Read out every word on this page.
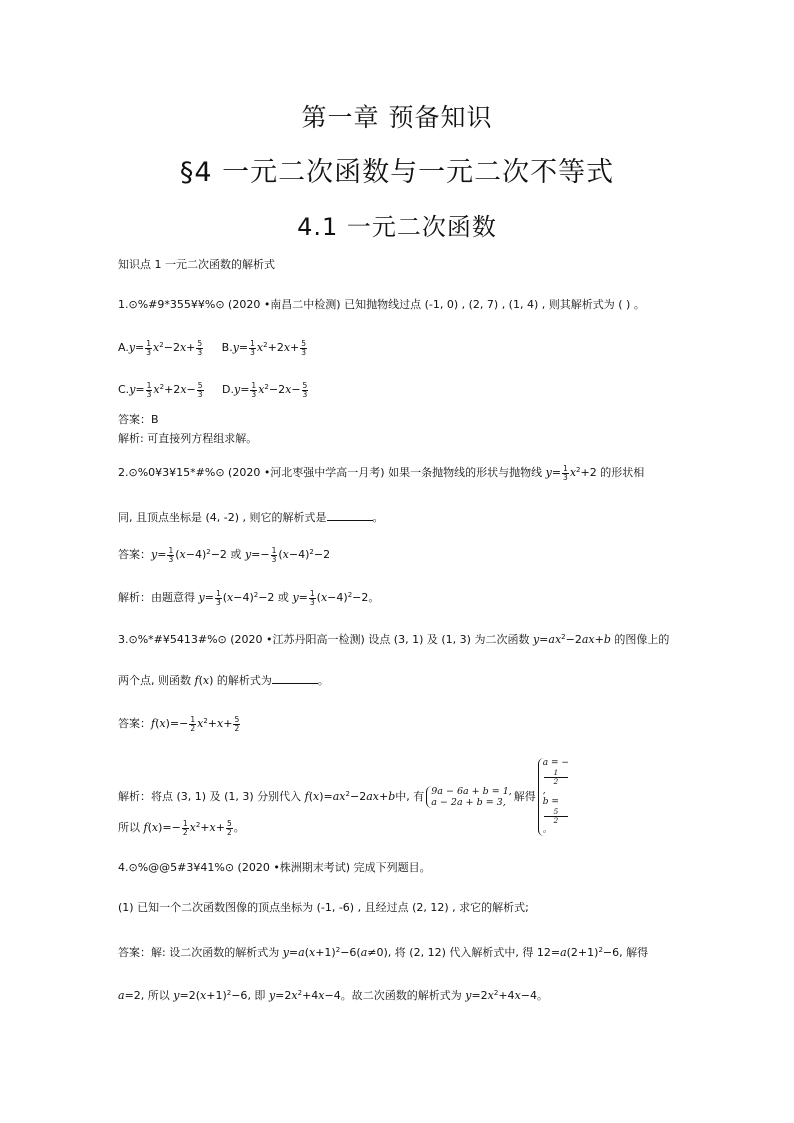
第一章 预备知识
§4 一元二次函数与一元二次不等式
4.1 一元二次函数
知识点 1 一元二次函数的解析式
1.⊙%#9*355¥¥%⊙ (2020 •南昌二中检测) 已知抛物线过点 (-1, 0) , (2, 7) , (1, 4) , 则其解析式为 ( ) 。
$A.y= \frac{1}{3} x^2-2x+ \frac{5}{3} B.y= \frac{1}{3} x^2+2x+ \frac{5}{3}$
$C.y= \frac{1}{3} x^2+2x- \frac{5}{3} D.y= \frac{1}{3} x^2-2x- \frac{5}{3}$
答案：B
解析: 可直接列方程组求解。
2.⊙%0¥3¥15*#%⊙ (2020 •河北枣强中学高一月考) 如果一条抛物线的形状与抛物线 $y= \frac{1}{3} x^2+2$ 的形状相
同, 且顶点坐标是 (4, -2) , 则它的解析式是	。
答案：$y= \frac{1}{3} (x-4)^2-2$ 或 $y=- \frac{1}{3} (x-4)^2-2$
解析：由题意得 $y= \frac{1}{3} (x-4)^2-2$ 或 $y= \frac{1}{3} (x-4)^2-2$。
3.⊙%*#¥5413#%⊙ (2020 •江苏丹阳高一检测) 设点 (3, 1) 及 (1, 3) 为二次函数 $y=ax^2-2ax+b$ 的图像上的
两个点, 则函数 f(x) 的解析式为	。
答案：$f(x)=- \frac{1}{2} x^2+x+ \frac{5}{2}$
解析：将点 (3, 1) 及 (1, 3) 分别代入 $f(x)=ax^2-2ax+b$中, 有 9a − 6a + b = 1,
a − 2a + b = 3, 解得
a = −
1
2
,
b =
5
2
。
所以 $f(x)=- \frac{1}{2} x^2+x+ \frac{5}{2}$ 。
4.⊙%@@5#3¥41%⊙ (2020 •株洲期末考试) 完成下列题目。
(1) 已知一个二次函数图像的顶点坐标为 (-1, -6) , 且经过点 (2, 12) , 求它的解析式;
答案：解: 设二次函数的解析式为 $y=a(x+1)^2-6(a\ne 0)$, 将 (2, 12) 代入解析式中, 得 $12=a(2+1)^2-6$, 解得
a=2, 所以 $y=2(x+1)^2-6$, 即 $y=2x^2+4x-4$。故二次函数的解析式为 $y=2x^2+4x-4$。
